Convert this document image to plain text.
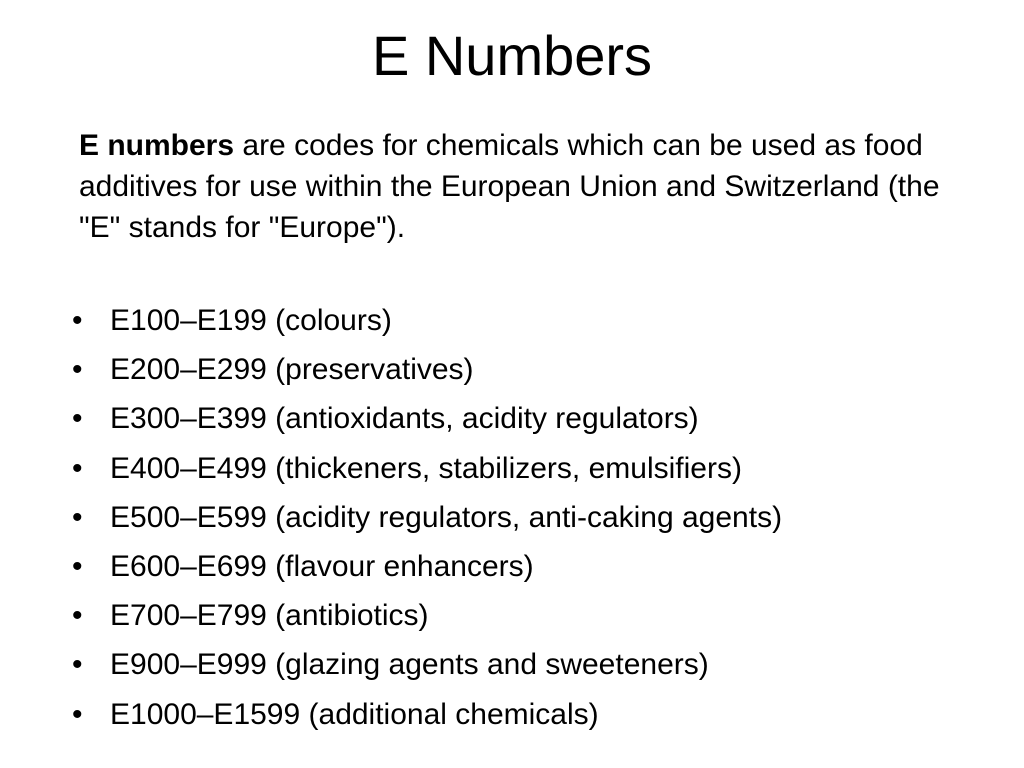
E Numbers

E numbers are codes for chemicals which can be used as food additives for use within the European Union and Switzerland (the "E" stands for "Europe").

• E100–E199 (colours)
• E200–E299 (preservatives)
• E300–E399 (antioxidants, acidity regulators)
• E400–E499 (thickeners, stabilizers, emulsifiers)
• E500–E599 (acidity regulators, anti-caking agents)
• E600–E699 (flavour enhancers)
• E700–E799 (antibiotics)
• E900–E999 (glazing agents and sweeteners)
• E1000–E1599 (additional chemicals)
